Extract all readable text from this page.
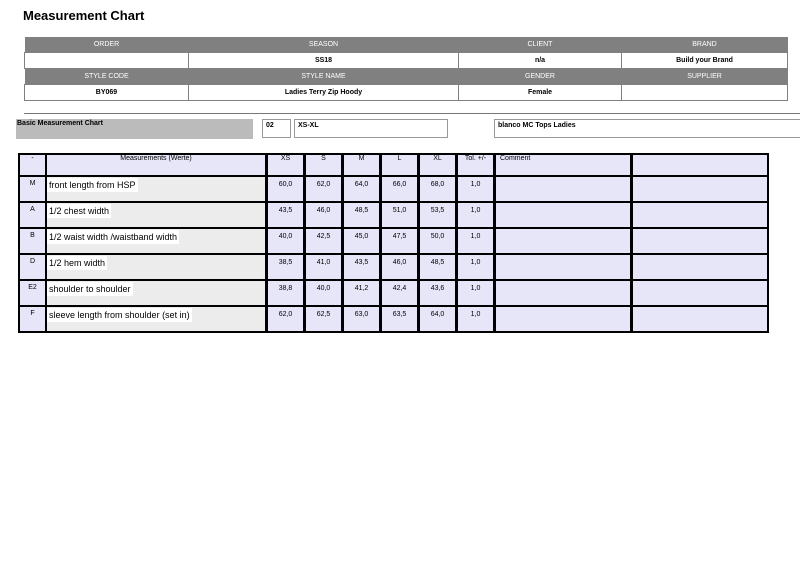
Measurement Chart
ORDER	SEASON	CLIENT	BRAND
	SS18	n/a	Build your Brand
STYLE CODE	STYLE NAME	GENDER	SUPPLIER
BY069	Ladies Terry Zip Hoody	Female	
Basic Measurement Chart	02	XS-XL	blanco MC Tops Ladies
-	Measurements (Werte)	XS	S	M	L	XL	Tol. +/-	Comment	
M	front length from HSP	60,0	62,0	64,0	66,0	68,0	1,0		
A	1/2 chest width	43,5	46,0	48,5	51,0	53,5	1,0		
B	1/2 waist width /waistband width	40,0	42,5	45,0	47,5	50,0	1,0		
D	1/2 hem width	38,5	41,0	43,5	46,0	48,5	1,0		
E2	shoulder to shoulder	38,8	40,0	41,2	42,4	43,6	1,0		
F	sleeve length from shoulder (set in)	62,0	62,5	63,0	63,5	64,0	1,0		
